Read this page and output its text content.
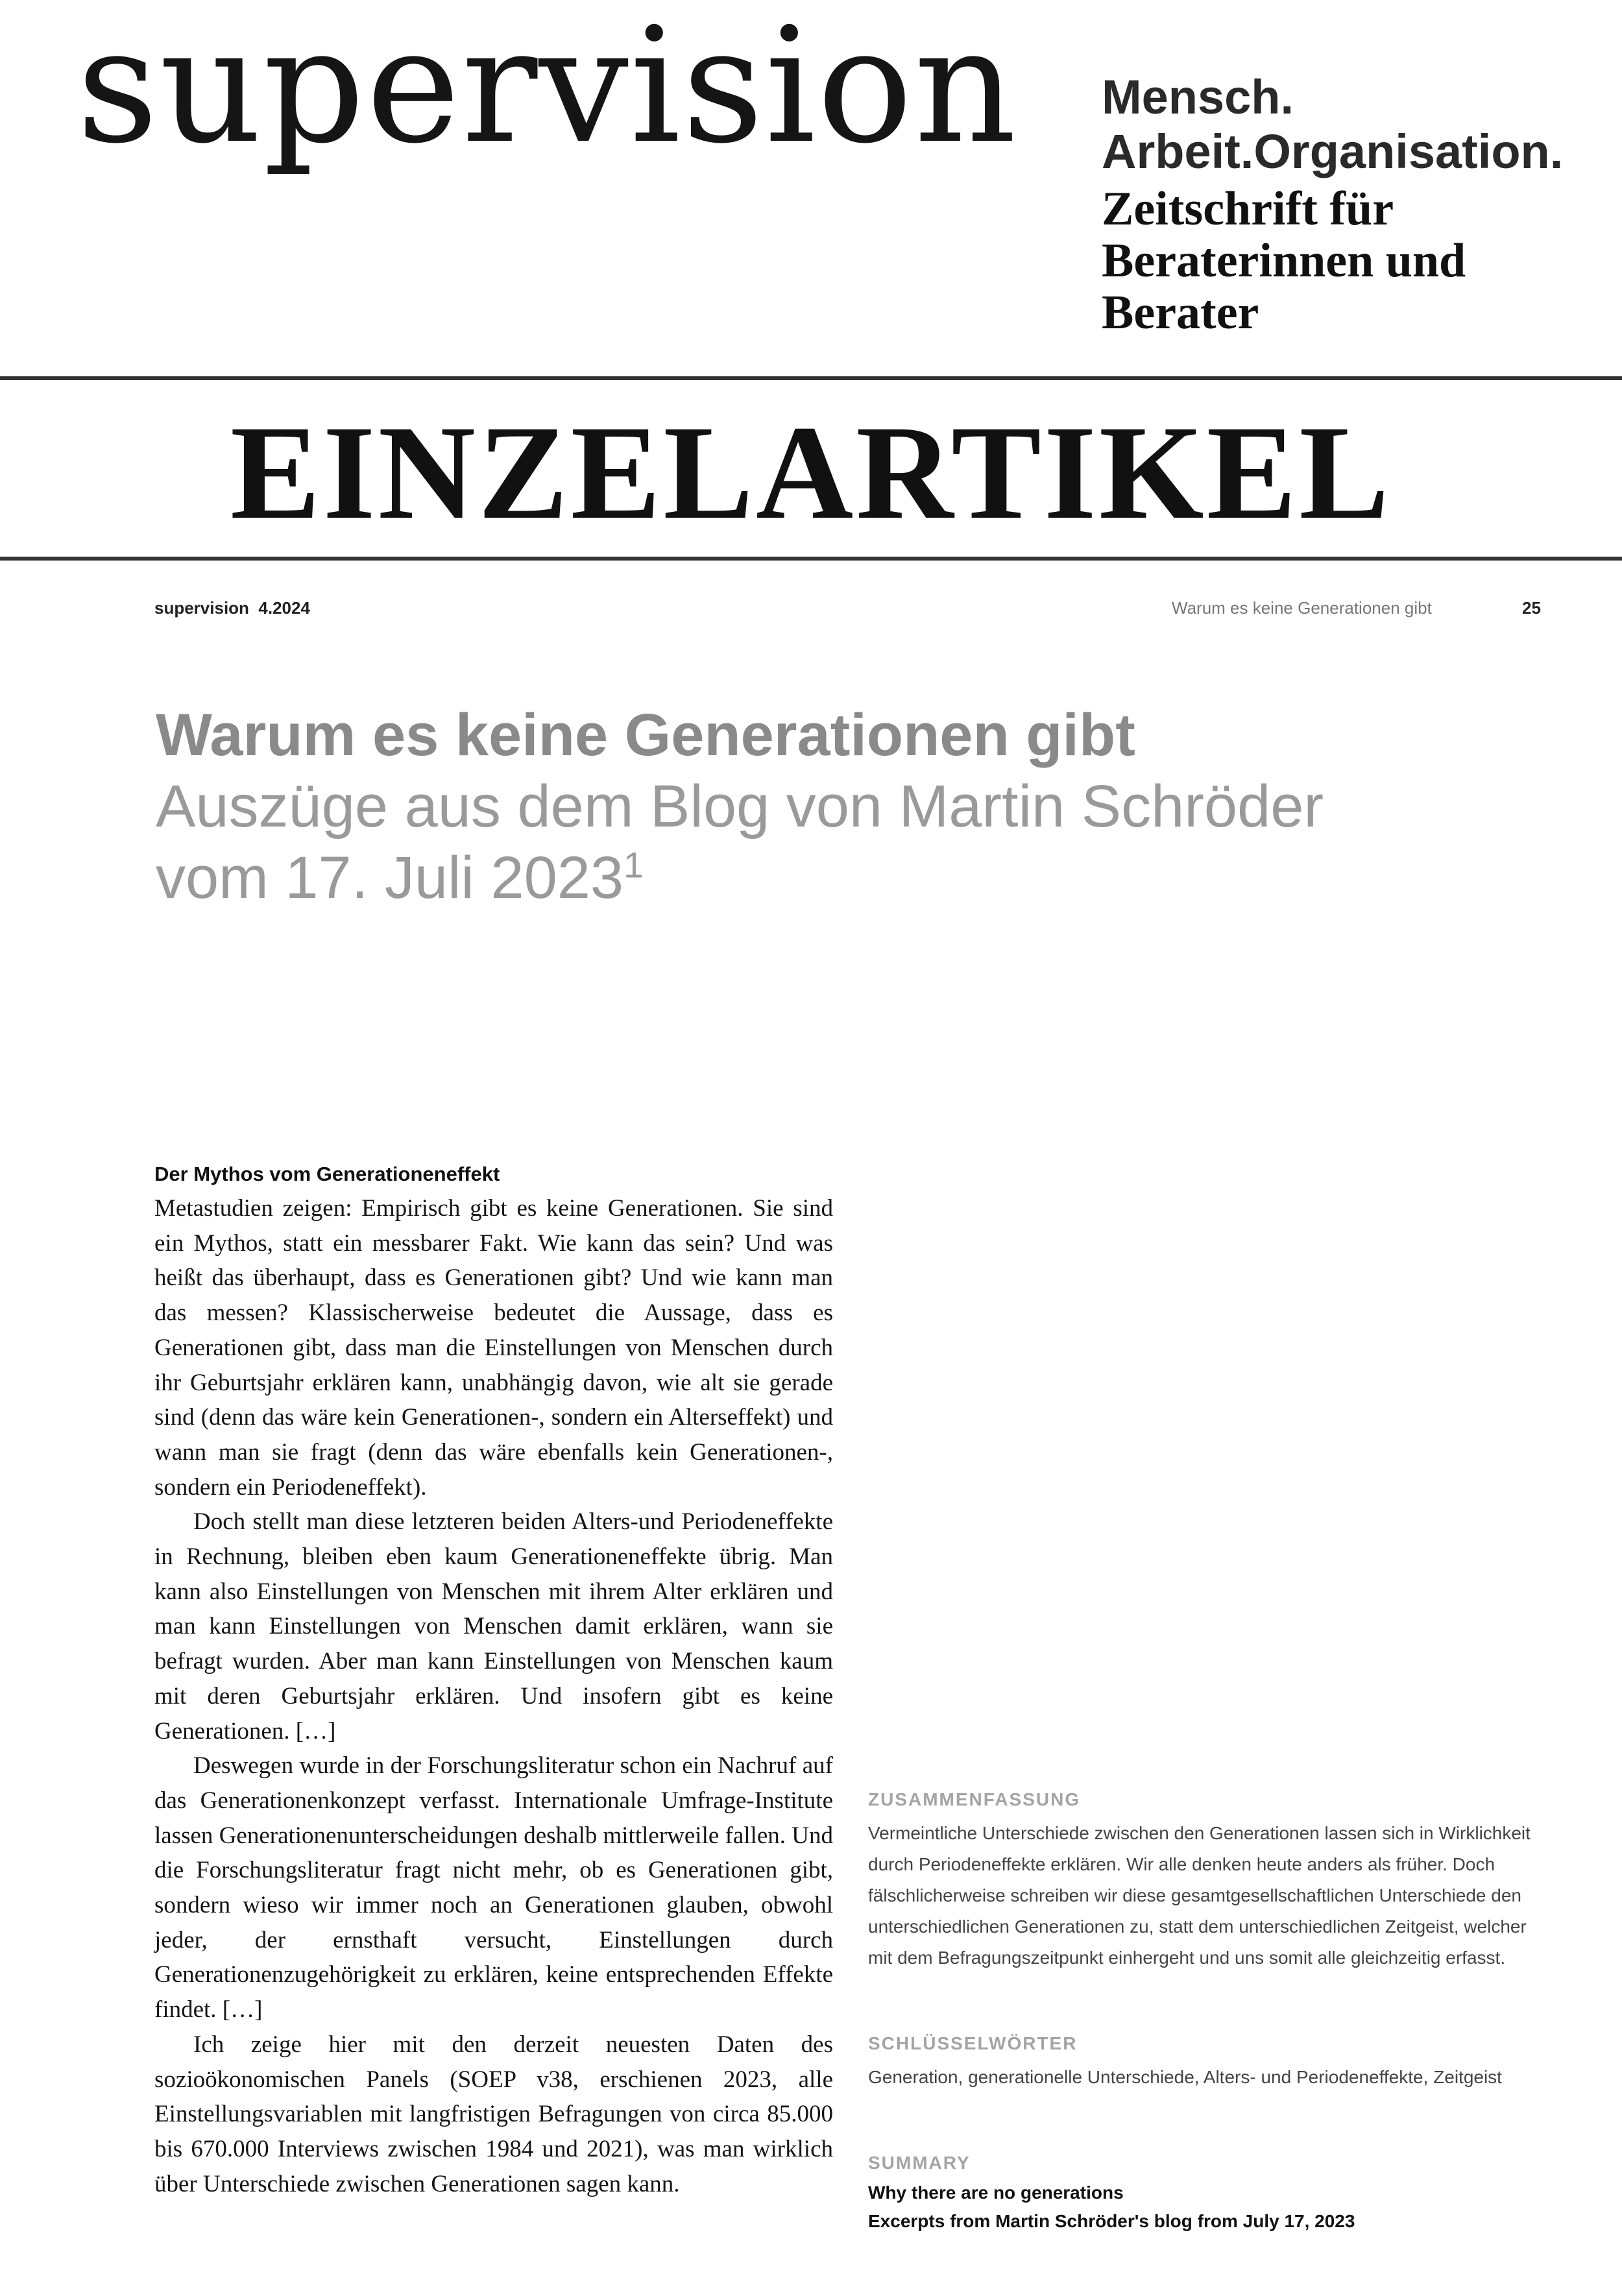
supervision Mensch.
Arbeit.Organisation.
Zeitschrift für
Beraterinnen und
Berater
EINZELARTIKEL
supervision  4.2024	Warum es keine Generationen gibt	25
Warum es keine Generationen gibt
Auszüge aus dem Blog von Martin Schröder
vom 17. Juli 2023$^1$
Der Mythos vom Generationeneffekt

Metastudien zeigen: Empirisch gibt es keine Generationen. Sie sind ein Mythos, statt ein messbarer Fakt. Wie kann das sein? Und was heißt das überhaupt, dass es Generationen gibt? Und wie kann man das messen? Klassischerweise bedeutet die Aussage, dass es Generationen gibt, dass man die Einstellungen von Menschen durch ihr Geburtsjahr erklären kann, unabhängig davon, wie alt sie gerade sind (denn das wäre kein Generationen-, sondern ein Alterseffekt) und wann man sie fragt (denn das wäre ebenfalls kein Generationen-, sondern ein Periodeneffekt).

Doch stellt man diese letzteren beiden Alters-und Periodeneffekte in Rechnung, bleiben eben kaum Generationeneffekte übrig. Man kann also Einstellungen von Menschen mit ihrem Alter erklären und man kann Einstellungen von Menschen damit erklären, wann sie befragt wurden. Aber man kann Einstellungen von Menschen kaum mit deren Geburtsjahr erklären. Und insofern gibt es keine Generationen. […]

Deswegen wurde in der Forschungsliteratur schon ein Nachruf auf das Generationenkonzept verfasst. Internationale Umfrage-Institute lassen Generationenunterscheidungen deshalb mittlerweile fallen. Und die Forschungsliteratur fragt nicht mehr, ob es Generationen gibt, sondern wieso wir immer noch an Generationen glauben, obwohl jeder, der ernsthaft versucht, Einstellungen durch Generationenzugehörigkeit zu erklären, keine entsprechenden Effekte findet. […]

Ich zeige hier mit den derzeit neuesten Daten des sozioökonomischen Panels (SOEP v38, erschienen 2023, alle Einstellungsvariablen mit langfristigen Befragungen von circa 85.000 bis 670.000 Interviews zwischen 1984 und 2021), was man wirklich über Unterschiede zwischen Generationen sagen kann.

ZUSAMMENFASSUNG
Vermeintliche Unterschiede zwischen den Generationen lassen sich in Wirklichkeit durch Periodeneffekte erklären. Wir alle denken heute anders als früher. Doch fälschlicherweise schreiben wir diese gesamtgesellschaftlichen Unterschiede den unterschiedlichen Generationen zu, statt dem unterschiedlichen Zeitgeist, welcher mit dem Befragungszeitpunkt einhergeht und uns somit alle gleichzeitig erfasst.
SCHLÜSSELWÖRTER
Generation, generationelle Unterschiede, Alters- und Periodeneffekte, Zeitgeist
SUMMARY
Why there are no generations
Excerpts from Martin Schröder's blog from July 17, 2023
